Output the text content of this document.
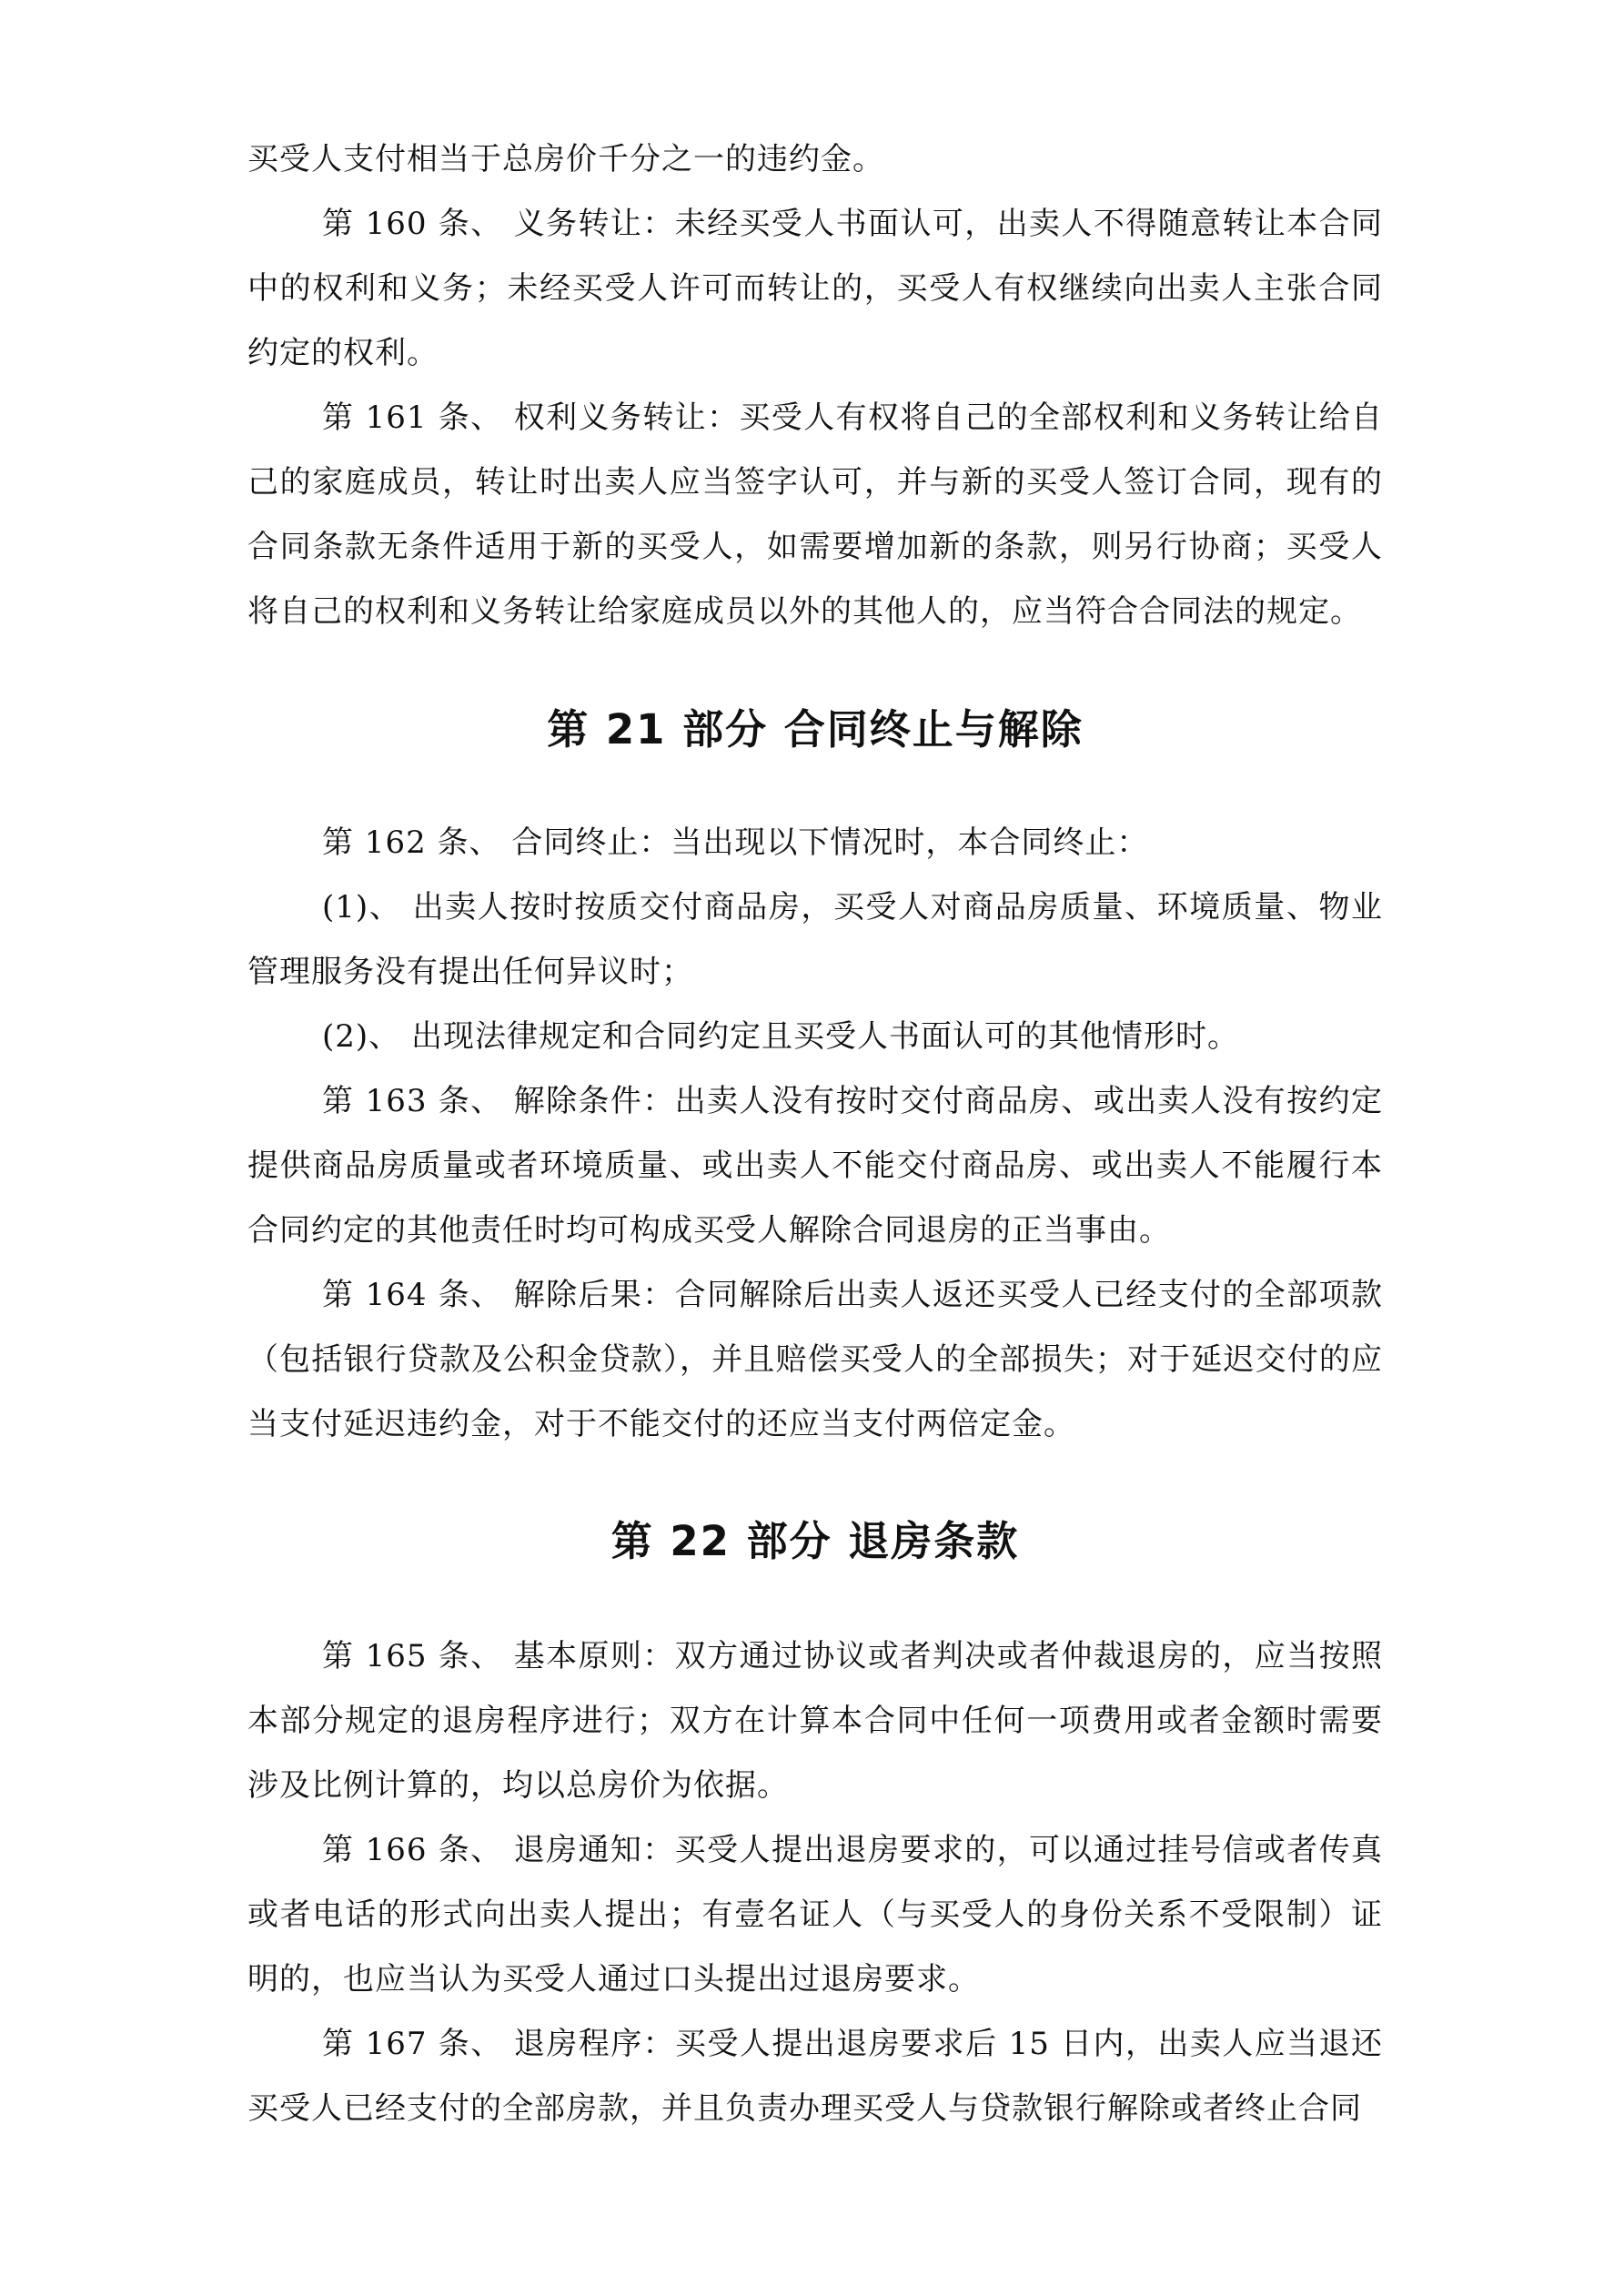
买受人支付相当于总房价千分之一的违约金。

第 160 条、 义务转让：未经买受人书面认可，出卖人不得随意转让本合同中的权利和义务；未经买受人许可而转让的，买受人有权继续向出卖人主张合同约定的权利。

第 161 条、 权利义务转让：买受人有权将自己的全部权利和义务转让给自己的家庭成员，转让时出卖人应当签字认可，并与新的买受人签订合同，现有的合同条款无条件适用于新的买受人，如需要增加新的条款，则另行协商；买受人将自己的权利和义务转让给家庭成员以外的其他人的，应当符合合同法的规定。

第 21 部分 合同终止与解除

第 162 条、 合同终止：当出现以下情况时，本合同终止：

(1)、 出卖人按时按质交付商品房，买受人对商品房质量、环境质量、物业管理服务没有提出任何异议时；

(2)、 出现法律规定和合同约定且买受人书面认可的其他情形时。

第 163 条、 解除条件：出卖人没有按时交付商品房、或出卖人没有按约定提供商品房质量或者环境质量、或出卖人不能交付商品房、或出卖人不能履行本合同约定的其他责任时均可构成买受人解除合同退房的正当事由。

第 164 条、 解除后果：合同解除后出卖人返还买受人已经支付的全部项款（包括银行贷款及公积金贷款），并且赔偿买受人的全部损失；对于延迟交付的应当支付延迟违约金，对于不能交付的还应当支付两倍定金。

第 22 部分 退房条款

第 165 条、 基本原则：双方通过协议或者判决或者仲裁退房的，应当按照本部分规定的退房程序进行；双方在计算本合同中任何一项费用或者金额时需要涉及比例计算的，均以总房价为依据。

第 166 条、 退房通知：买受人提出退房要求的，可以通过挂号信或者传真或者电话的形式向出卖人提出；有壹名证人（与买受人的身份关系不受限制）证明的，也应当认为买受人通过口头提出过退房要求。

第 167 条、 退房程序：买受人提出退房要求后 15 日内，出卖人应当退还买受人已经支付的全部房款，并且负责办理买受人与贷款银行解除或者终止合同
